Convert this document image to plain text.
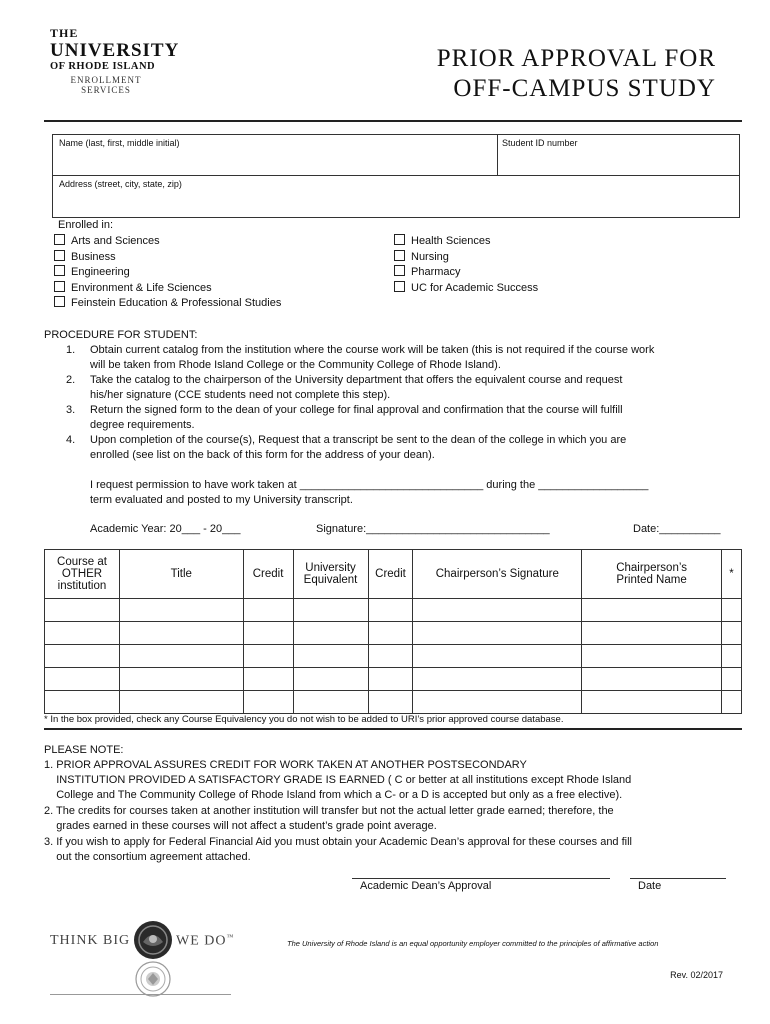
THE
UNIVERSITY
OF RHODE ISLAND
ENROLLMENT
SERVICES
PRIOR APPROVAL FOR
OFF-CAMPUS STUDY
Name (last, first, middle initial)	Student ID number
Address (street, city, state, zip)
Enrolled in:
Arts and Sciences
Business
Engineering
Environment & Life Sciences
Feinstein Education & Professional Studies
Health Sciences
Nursing
Pharmacy
UC for Academic Success
PROCEDURE FOR STUDENT:
1. Obtain current catalog from the institution where the course work will be taken (this is not required if the course work
will be taken from Rhode Island College or the Community College of Rhode Island).
2. Take the catalog to the chairperson of the University department that offers the equivalent course and request
his/her signature (CCE students need not complete this step).
3. Return the signed form to the dean of your college for final approval and confirmation that the course will fulfill
degree requirements.
4. Upon completion of the course(s), Request that a transcript be sent to the dean of the college in which you are
enrolled (see list on the back of this form for the address of your dean).
I request permission to have work taken at ______________________________ during the __________________
term evaluated and posted to my University transcript.
Academic Year: 20___ - 20___	Signature:______________________________	Date:__________
Course at OTHER institution	Title	Credit	University Equivalent	Credit	Chairperson’s Signature	Chairperson’s Printed Name	*

* In the box provided, check any Course Equivalency you do not wish to be added to URI’s prior approved course database.
PLEASE NOTE:
1. PRIOR APPROVAL ASSURES CREDIT FOR WORK TAKEN AT ANOTHER POSTSECONDARY
INSTITUTION PROVIDED A SATISFACTORY GRADE IS EARNED ( C or better at all institutions except Rhode Island
College and The Community College of Rhode Island from which a C- or a D is accepted but only as a free elective).
2. The credits for courses taken at another institution will transfer but not the actual letter grade earned; therefore, the
grades earned in these courses will not affect a student’s grade point average.
3. If you wish to apply for Federal Financial Aid you must obtain your Academic Dean’s approval for these courses and fill
out the consortium agreement attached.
Academic Dean’s Approval	Date
THINK BIG	WE DO™
The University of Rhode Island is an equal opportunity employer committed to the principles of affirmative action
Rev. 02/2017
